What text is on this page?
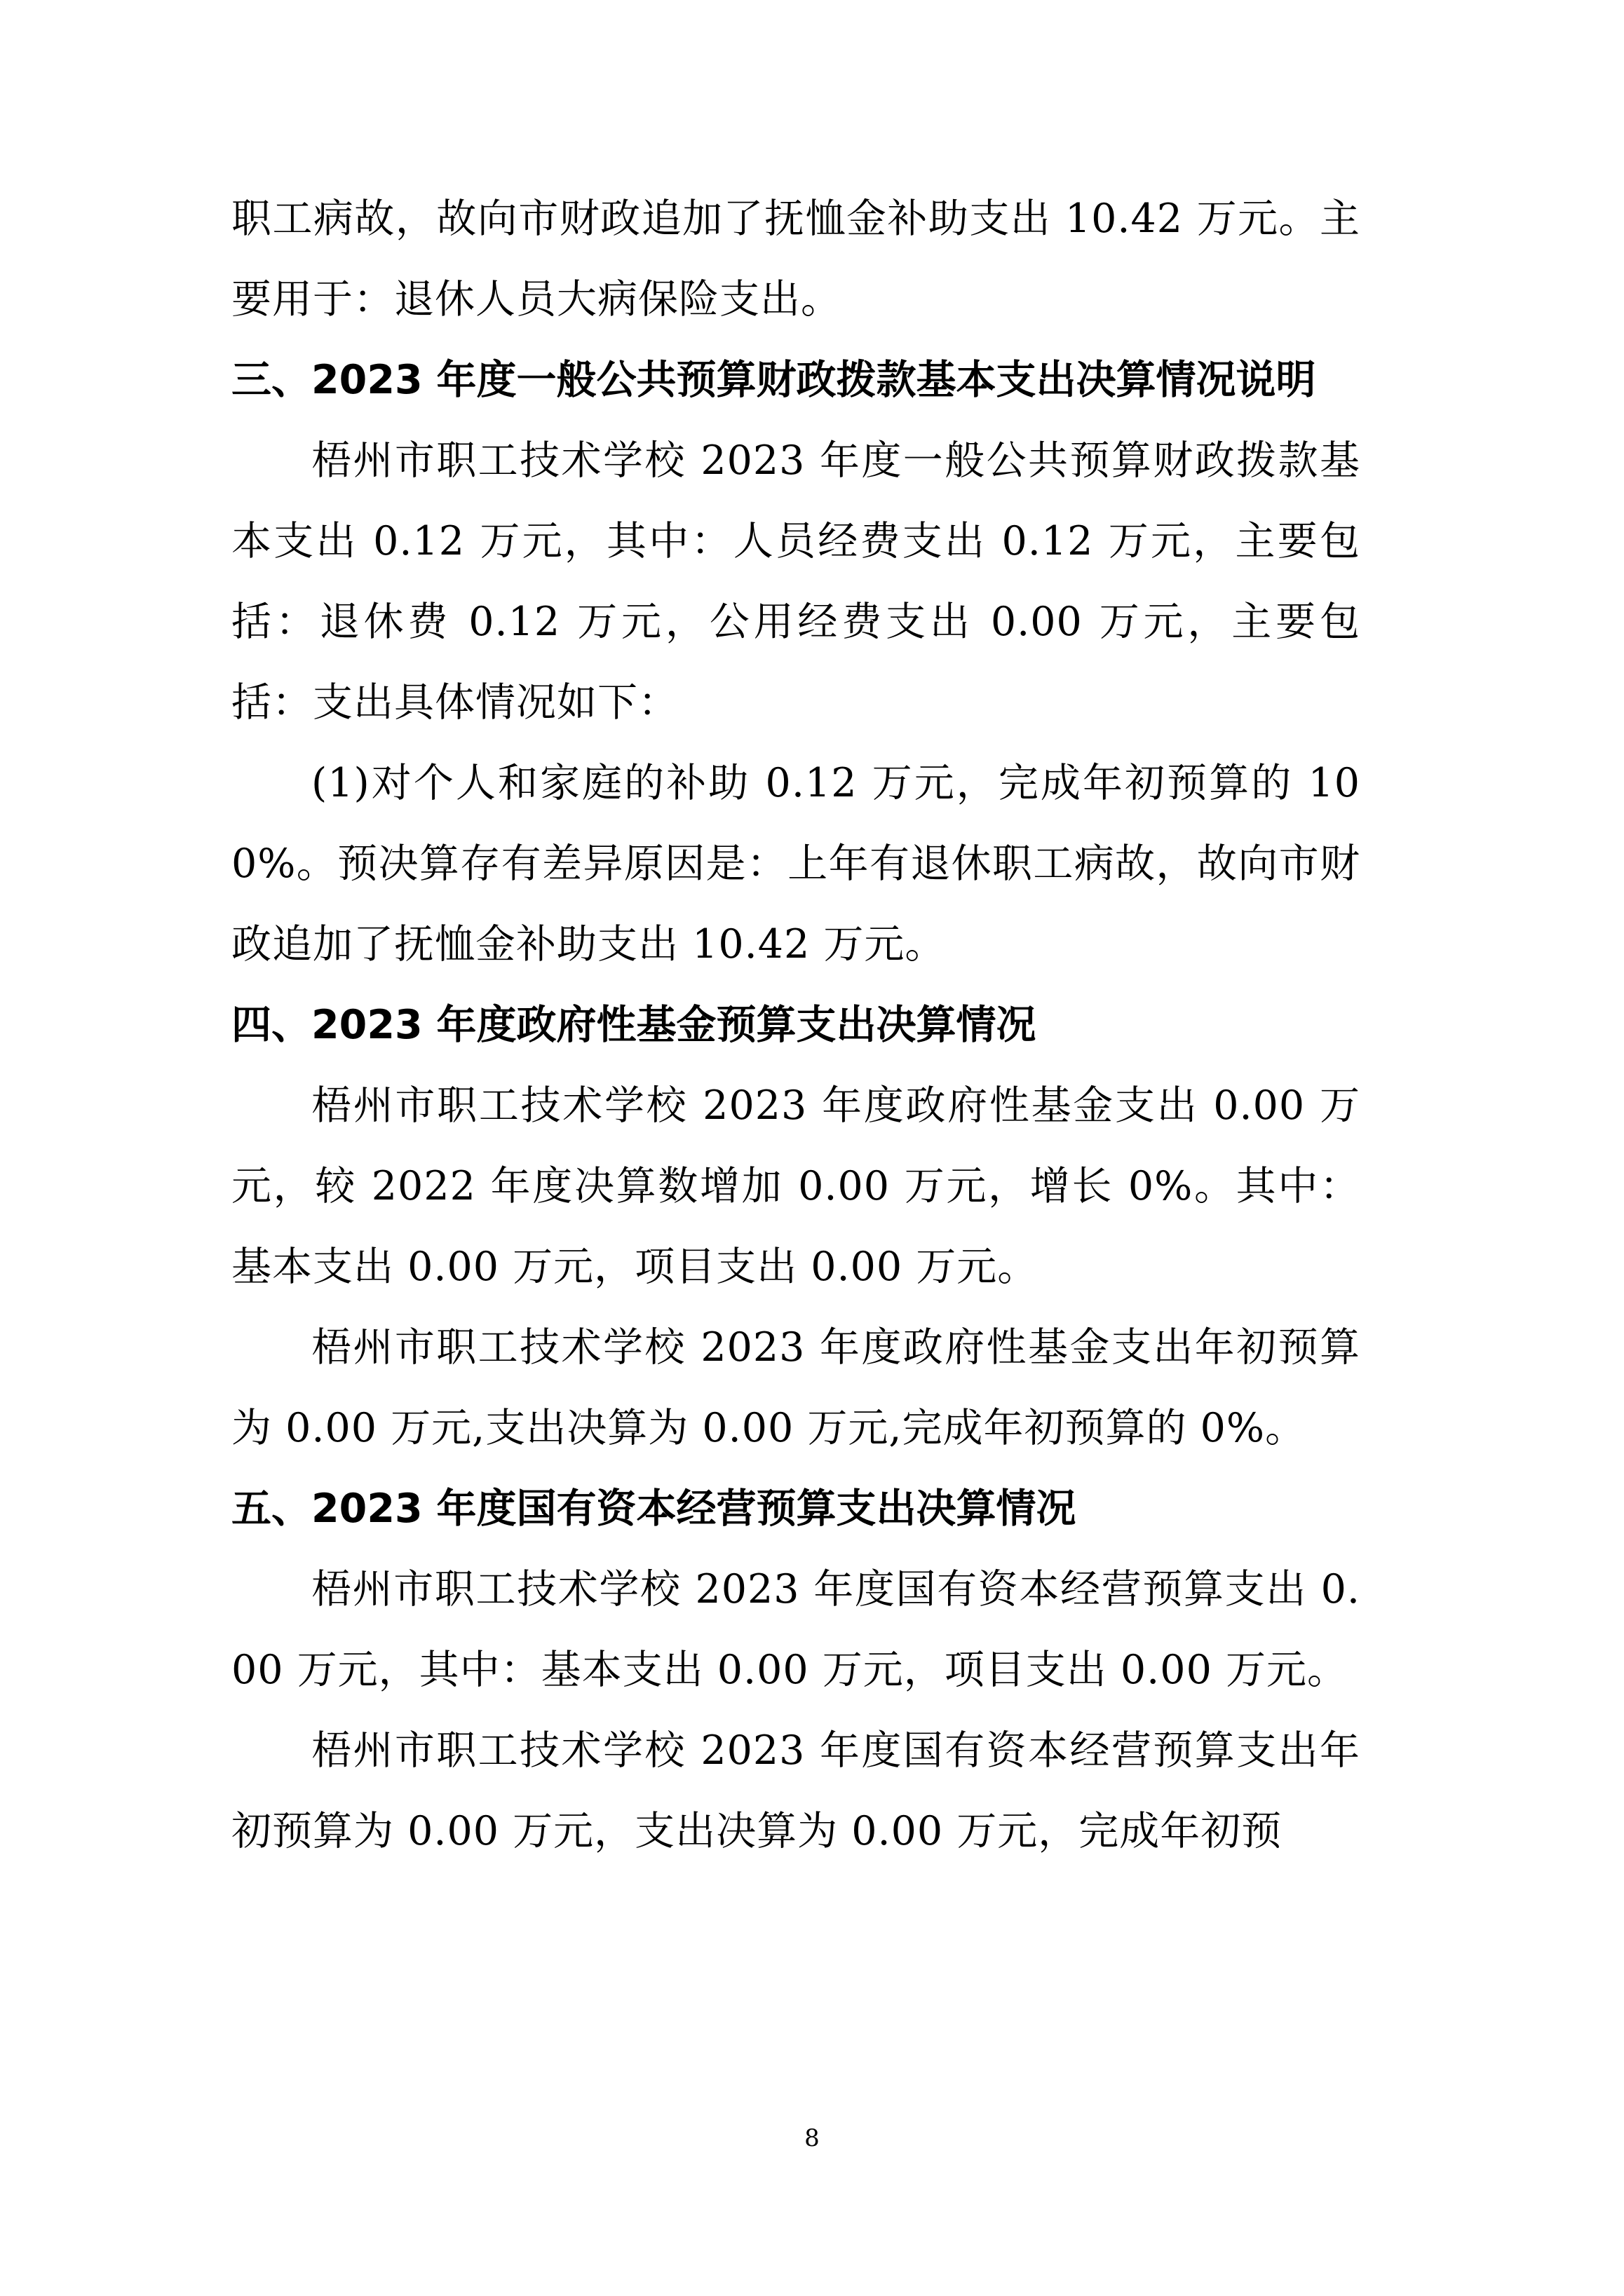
职工病故，故向市财政追加了抚恤金补助支出 10.42 万元。主要用于：退休人员大病保险支出。

三、2023 年度一般公共预算财政拨款基本支出决算情况说明

梧州市职工技术学校 2023 年度一般公共预算财政拨款基本支出 0.12 万元，其中：人员经费支出 0.12 万元，主要包括：退休费 0.12 万元，公用经费支出 0.00 万元，主要包括：支出具体情况如下：

(1)对个人和家庭的补助 0.12 万元，完成年初预算的 100%。预决算存有差异原因是：上年有退休职工病故，故向市财政追加了抚恤金补助支出 10.42 万元。

四、2023 年度政府性基金预算支出决算情况

梧州市职工技术学校 2023 年度政府性基金支出 0.00 万元，较 2022 年度决算数增加 0.00 万元，增长 0%。其中：基本支出 0.00 万元，项目支出 0.00 万元。

梧州市职工技术学校 2023 年度政府性基金支出年初预算为 0.00 万元,支出决算为 0.00 万元,完成年初预算的 0%。

五、2023 年度国有资本经营预算支出决算情况

梧州市职工技术学校 2023 年度国有资本经营预算支出 0.00 万元，其中：基本支出 0.00 万元，项目支出 0.00 万元。

梧州市职工技术学校 2023 年度国有资本经营预算支出年初预算为 0.00 万元，支出决算为 0.00 万元，完成年初预

8
